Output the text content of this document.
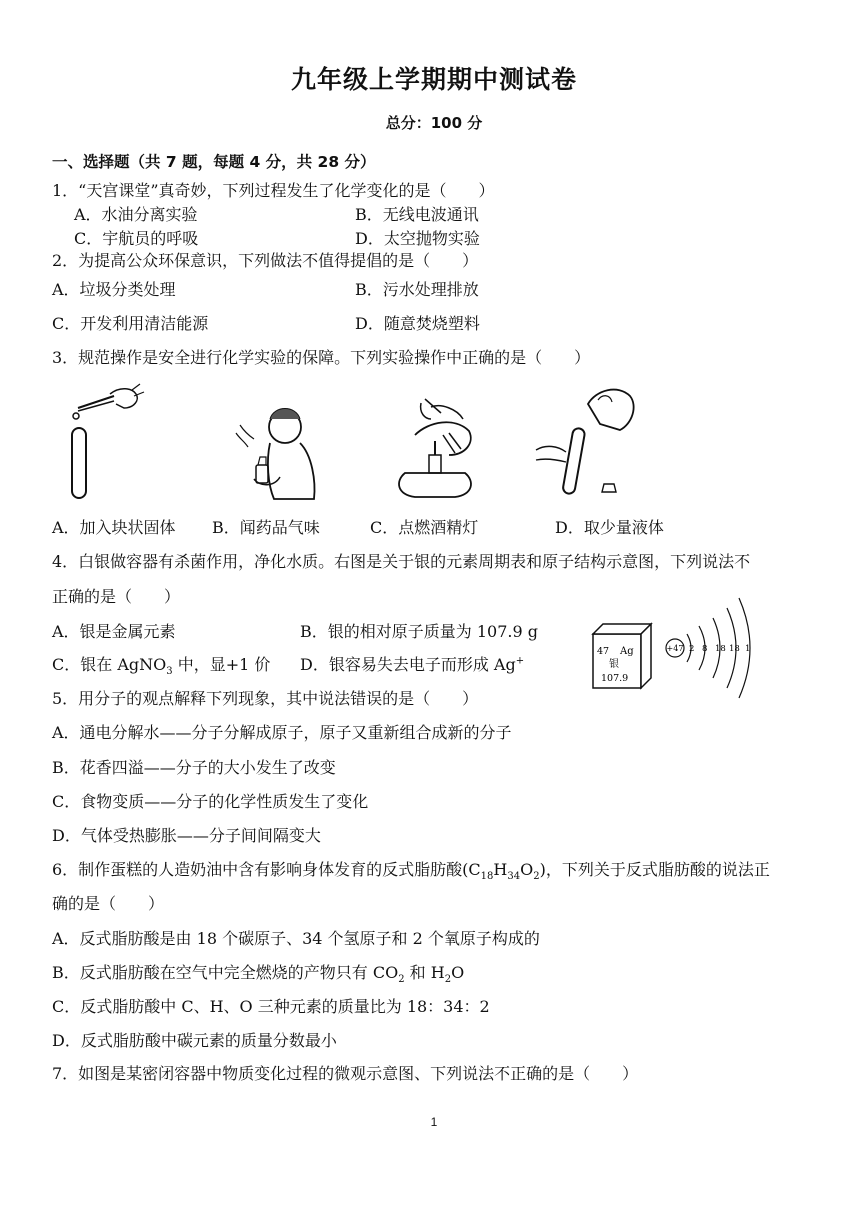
九年级上学期期中测试卷
总分：100 分
一、选择题（共 7 题，每题 4 分，共 28 分）
1．“天宫课堂”真奇妙，下列过程发生了化学变化的是（　　）
A．水油分离实验	B．无线电波通讯
C．宇航员的呼吸	D．太空抛物实验
2．为提高公众环保意识，下列做法不值得提倡的是（　　）
A．垃圾分类处理	B．污水处理排放
C．开发利用清洁能源	D．随意焚烧塑料
3．规范操作是安全进行化学实验的保障。下列实验操作中正确的是（　　）
A．加入块状固体 B．闻药品气味	C．点燃酒精灯	D．取少量液体
4．白银做容器有杀菌作用，净化水质。右图是关于银的元素周期表和原子结构示意图，下列说法不
正确的是（　　）
A．银是金属元素	B．银的相对原子质量为 107.9 g
C．银在 AgNO$_3$ 中，显+1 价 D．银容易失去电子而形成 Ag+
47 Ag
银
107.9
+47 2 8 18 18 1
5．用分子的观点解释下列现象，其中说法错误的是（　　）
A．通电分解水——分子分解成原子，原子又重新组合成新的分子
B．花香四溢——分子的大小发生了改变
C．食物变质——分子的化学性质发生了变化
D．气体受热膨胀——分子间间隔变大
6．制作蛋糕的人造奶油中含有影响身体发育的反式脂肪酸$(C_{18}H_{34}O_2)$，下列关于反式脂肪酸的说法正
确的是（　　）
A．反式脂肪酸是由 18 个碳原子、34 个氢原子和 2 个氧原子构成的
B．反式脂肪酸在空气中完全燃烧的产物只有 $CO_2$ 和 $H_2O$
C．反式脂肪酸中 C、H、O 三种元素的质量比为 18：34：2
D．反式脂肪酸中碳元素的质量分数最小
7．如图是某密闭容器中物质变化过程的微观示意图、下列说法不正确的是（　　）
1
